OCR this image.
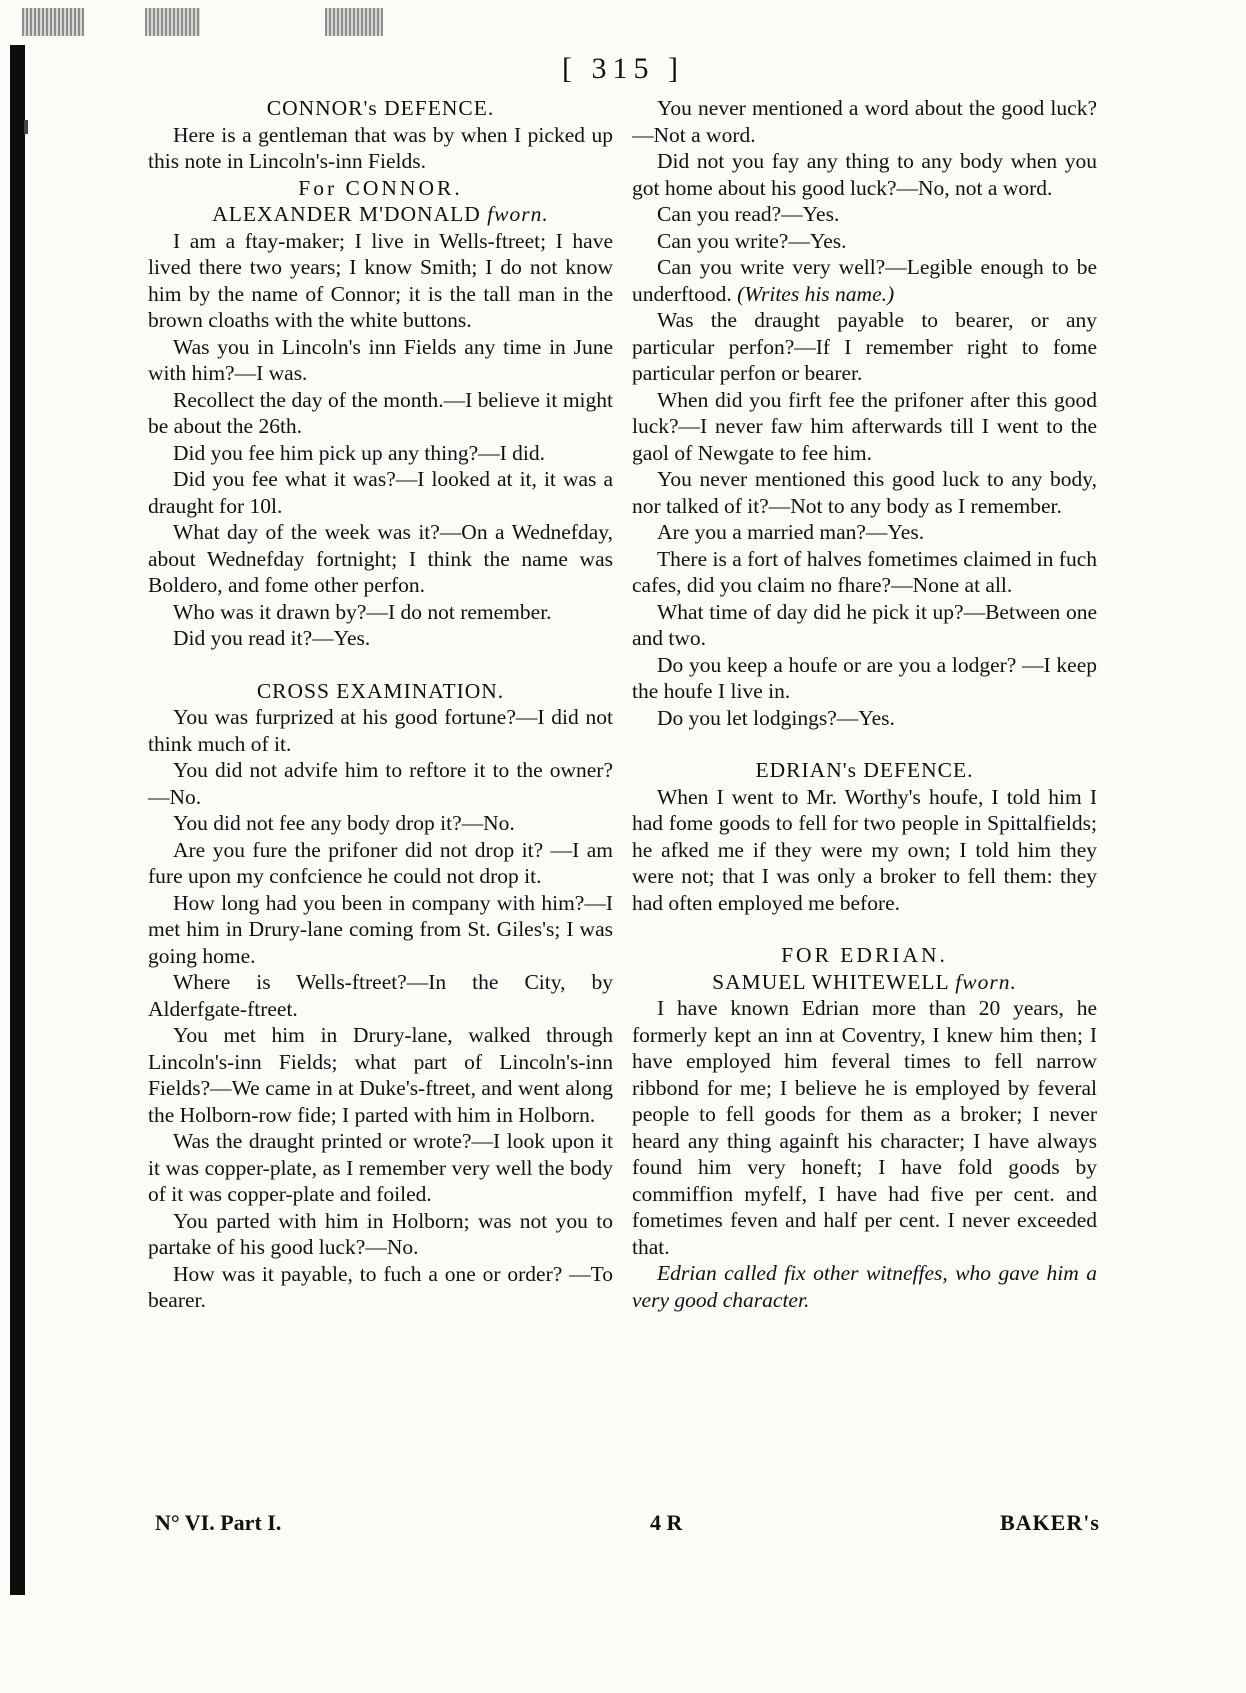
[ 315 ]
CONNOR's DEFENCE.

Here is a gentleman that was by when I picked up this note in Lincoln's-inn Fields.

For CONNOR.
ALEXANDER M'DONALD fworn.

I am a ftay-maker; I live in Wells-ftreet; I have lived there two years; I know Smith; I do not know him by the name of Connor; it is the tall man in the brown cloaths with the white buttons.

Was you in Lincoln's inn Fields any time in June with him?—I was.

Recollect the day of the month.—I believe it might be about the 26th.

Did you fee him pick up any thing?—I did.

Did you fee what it was?—I looked at it, it was a draught for 10l.

What day of the week was it?—On a Wednefday, about Wednefday fortnight; I think the name was Boldero, and fome other perfon.

Who was it drawn by?—I do not remember.

Did you read it?—Yes.

CROSS EXAMINATION.

You was furprized at his good fortune?—I did not think much of it.

You did not advife him to reftore it to the owner?—No.

You did not fee any body drop it?—No.

Are you fure the prifoner did not drop it? —I am fure upon my confcience he could not drop it.

How long had you been in company with him?—I met him in Drury-lane coming from St. Giles's; I was going home.

Where is Wells-ftreet?—In the City, by Alderfgate-ftreet.

You met him in Drury-lane, walked through Lincoln's-inn Fields; what part of Lincoln's-inn Fields?—We came in at Duke's-ftreet, and went along the Holborn-row fide; I parted with him in Holborn.

Was the draught printed or wrote?—I look upon it it was copper-plate, as I remember very well the body of it was copper-plate and foiled.

You parted with him in Holborn; was not you to partake of his good luck?—No.

How was it payable, to fuch a one or order? —To bearer.

You never mentioned a word about the good luck?—Not a word.

Did not you fay any thing to any body when you got home about his good luck?—No, not a word.

Can you read?—Yes.

Can you write?—Yes.

Can you write very well?—Legible enough to be underftood. (Writes his name.)

Was the draught payable to bearer, or any particular perfon?—If I remember right to fome particular perfon or bearer.

When did you firft fee the prifoner after this good luck?—I never faw him afterwards till I went to the gaol of Newgate to fee him.

You never mentioned this good luck to any body, nor talked of it?—Not to any body as I remember.

Are you a married man?—Yes.

There is a fort of halves fometimes claimed in fuch cafes, did you claim no fhare?—None at all.

What time of day did he pick it up?—Between one and two.

Do you keep a houfe or are you a lodger? —I keep the houfe I live in.

Do you let lodgings?—Yes.

EDRIAN's DEFENCE.

When I went to Mr. Worthy's houfe, I told him I had fome goods to fell for two people in Spittalfields; he afked me if they were my own; I told him they were not; that I was only a broker to fell them: they had often employed me before.

FOR EDRIAN.
SAMUEL WHITEWELL fworn.

I have known Edrian more than 20 years, he formerly kept an inn at Coventry, I knew him then; I have employed him feveral times to fell narrow ribbond for me; I believe he is employed by feveral people to fell goods for them as a broker; I never heard any thing againft his character; I have always found him very honeft; I have fold goods by commiffion myfelf, I have had five per cent. and fometimes feven and half per cent. I never exceeded that.

Edrian called fix other witneffes, who gave him a very good character.

N° VI. Part I.	4 R	BAKER's
